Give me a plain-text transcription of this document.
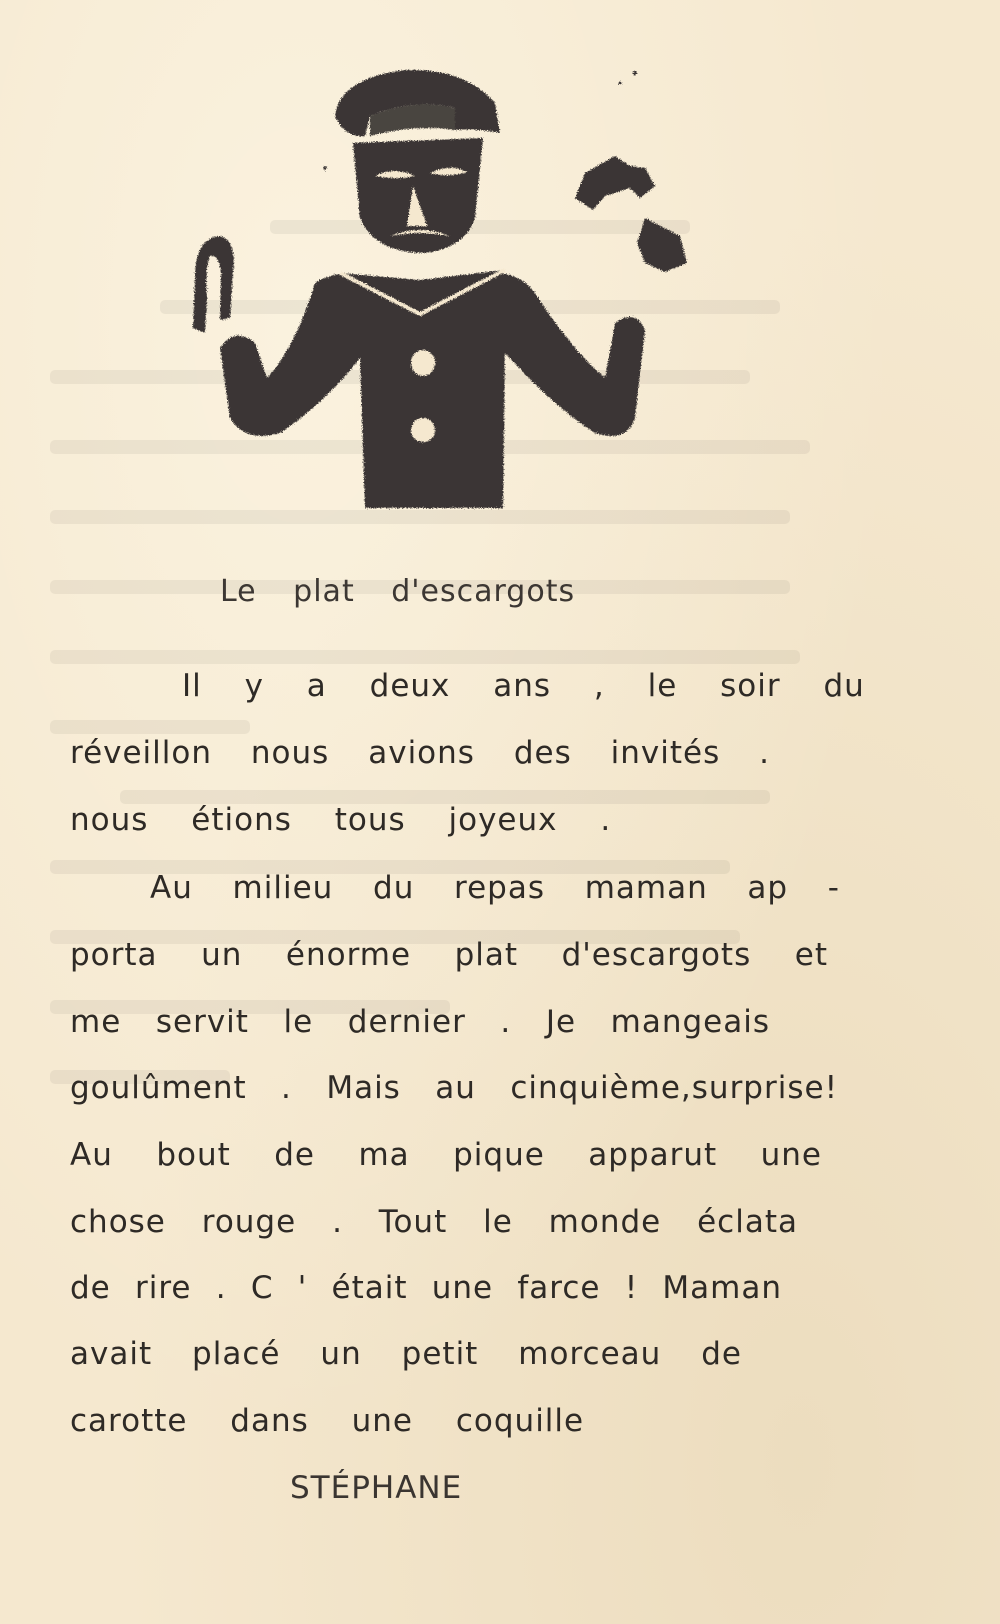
Le plat d'escargots
Il y a deux ans , le soir du
réveillon nous avions des invités .
nous étions tous joyeux .
Au milieu du repas maman ap -
porta un énorme plat d'escargots et
me servit le dernier . Je mangeais
goulûment . Mais au cinquième,surprise!
Au bout de ma pique apparut une
chose rouge . Tout le monde éclata
de rire . C ' était une farce ! Maman
avait placé un petit morceau de
carotte dans une coquille
STÉPHANE
